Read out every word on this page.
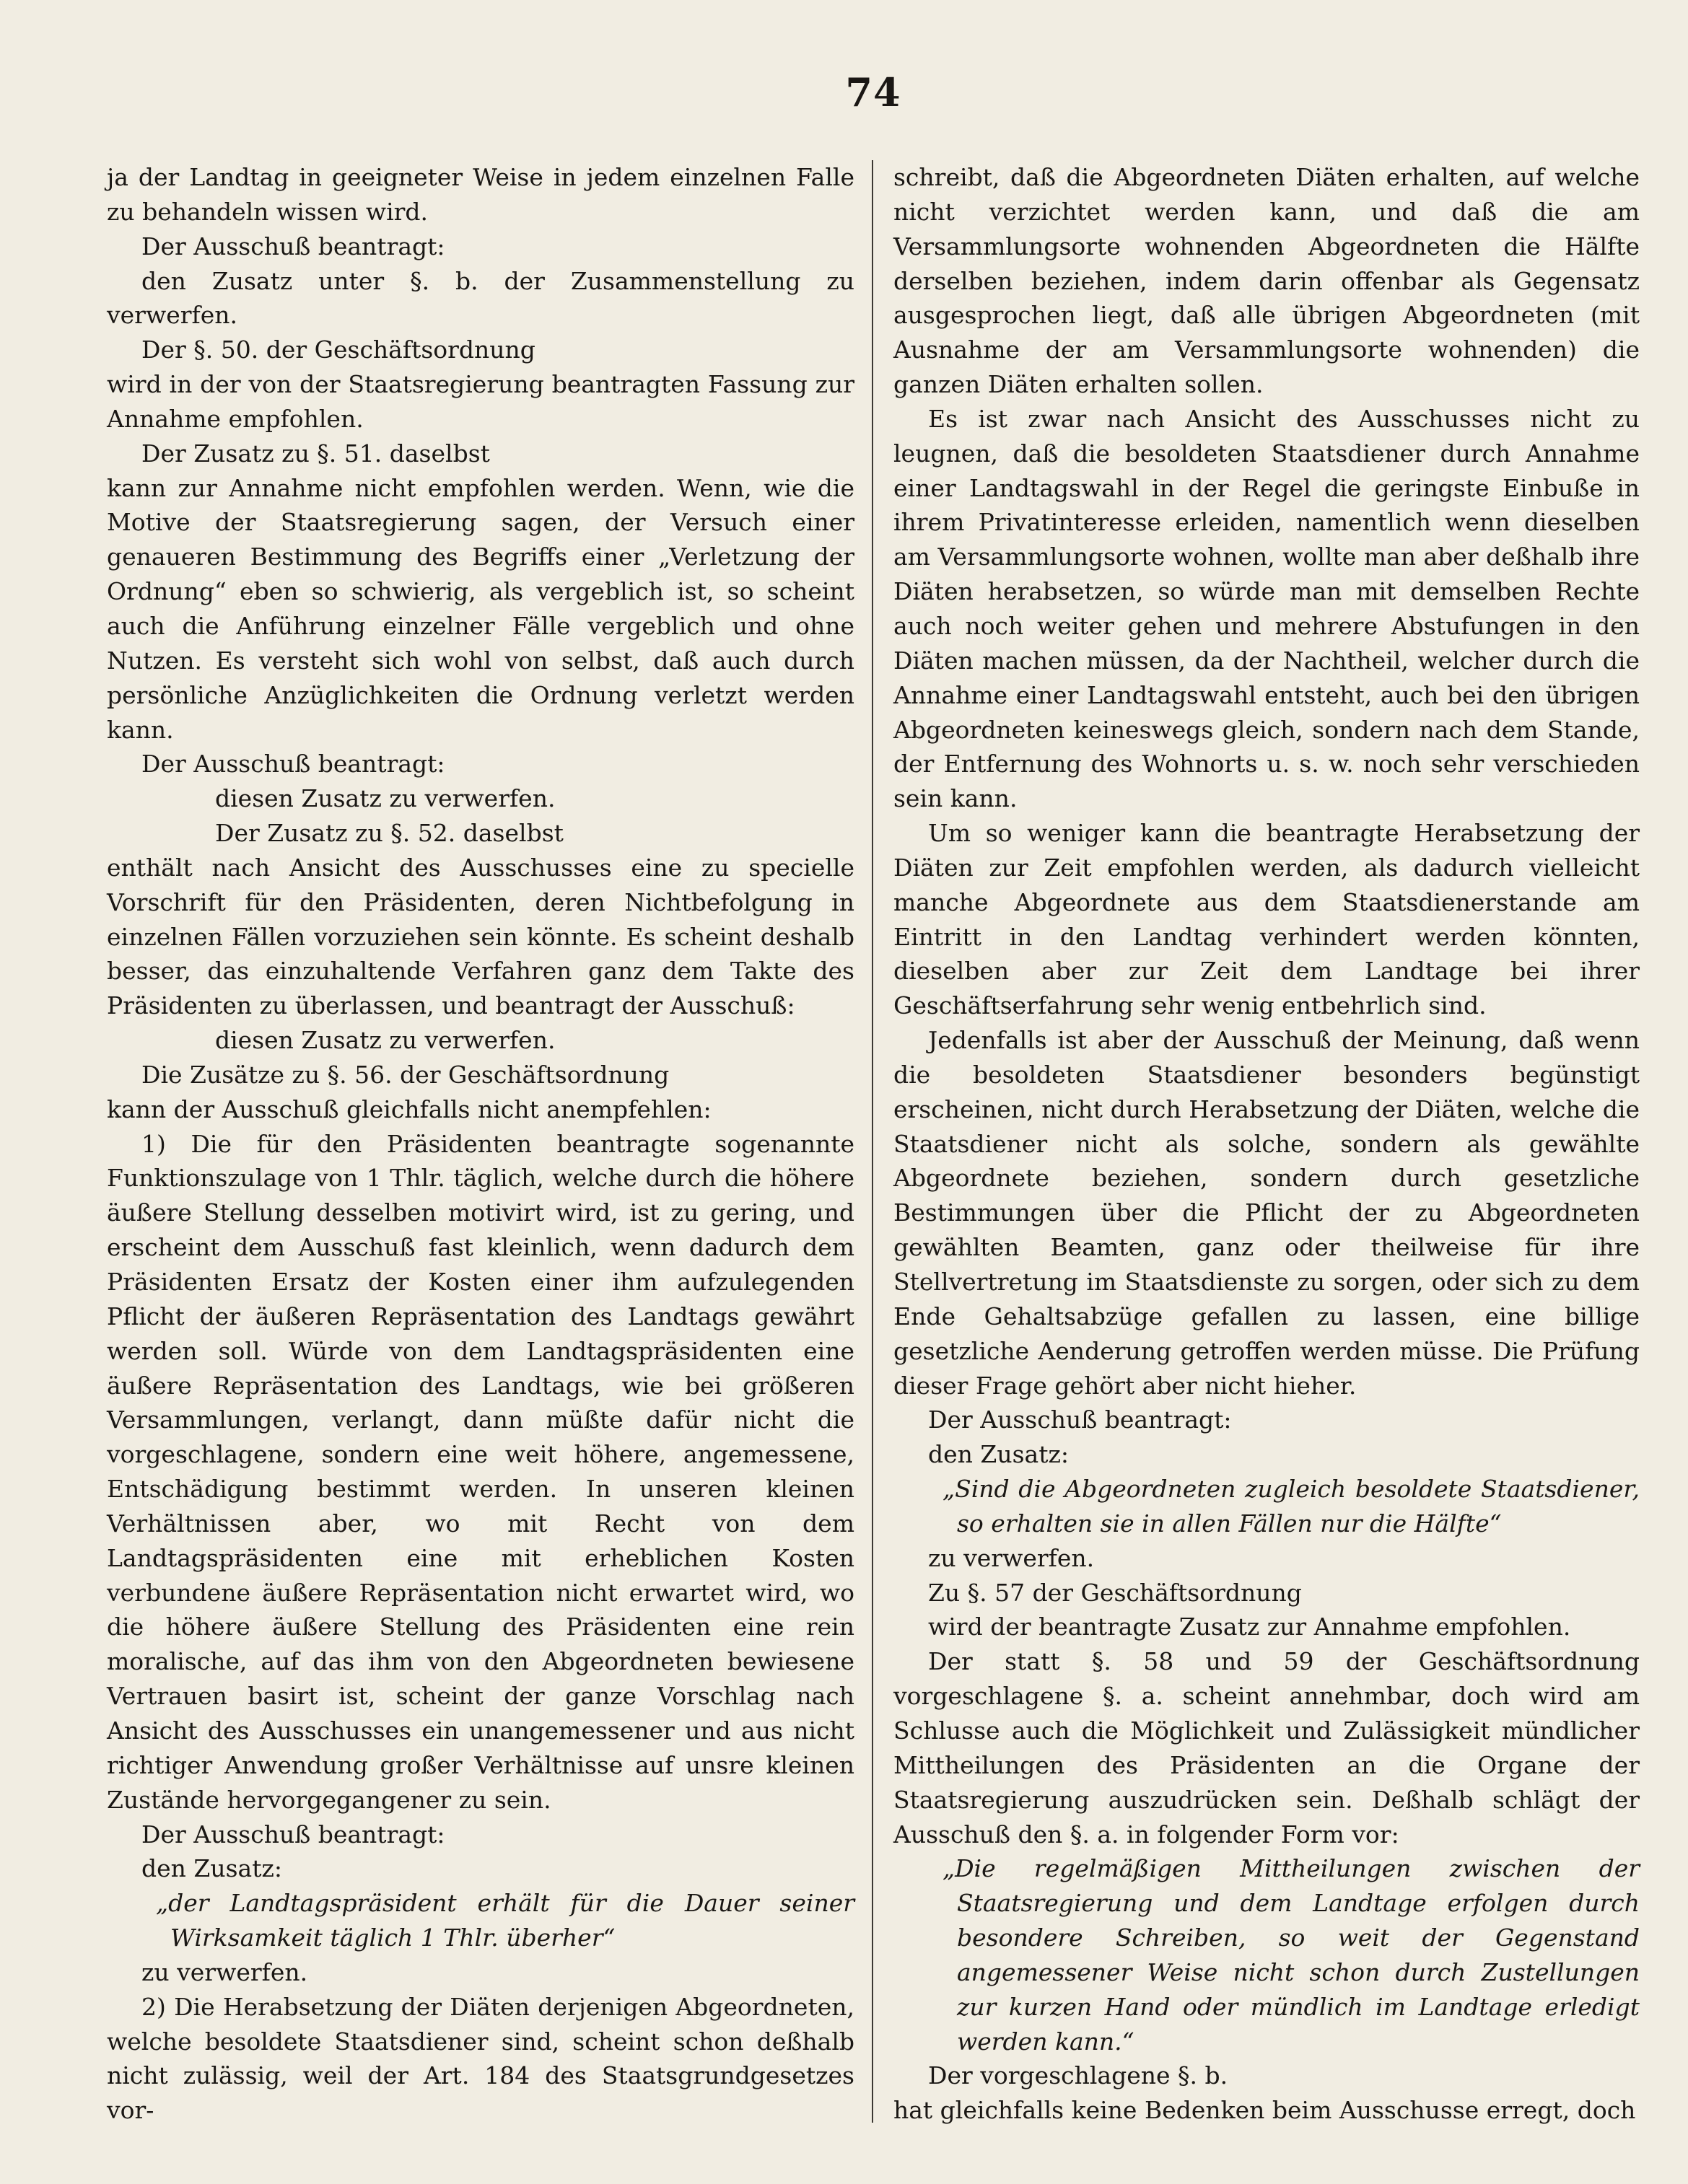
74

ja der Landtag in geeigneter Weise in jedem einzelnen Falle zu behandeln wissen wird.

Der Ausschuß beantragt:

den Zusatz unter §. b. der Zusammenstellung zu verwerfen.

Der §. 50. der Geschäftsordnung

wird in der von der Staatsregierung beantragten Fassung zur Annahme empfohlen.

Der Zusatz zu §. 51. daselbst

kann zur Annahme nicht empfohlen werden. Wenn, wie die Motive der Staatsregierung sagen, der Versuch einer genaueren Bestimmung des Begriffs einer „Verletzung der Ordnung“ eben so schwierig, als vergeblich ist, so scheint auch die Anführung einzelner Fälle vergeblich und ohne Nutzen. Es versteht sich wohl von selbst, daß auch durch persönliche Anzüglichkeiten die Ordnung verletzt werden kann.

Der Ausschuß beantragt:

diesen Zusatz zu verwerfen.

Der Zusatz zu §. 52. daselbst

enthält nach Ansicht des Ausschusses eine zu specielle Vorschrift für den Präsidenten, deren Nichtbefolgung in einzelnen Fällen vorzuziehen sein könnte. Es scheint deshalb besser, das einzuhaltende Verfahren ganz dem Takte des Präsidenten zu überlassen, und beantragt der Ausschuß:

diesen Zusatz zu verwerfen.

Die Zusätze zu §. 56. der Geschäftsordnung

kann der Ausschuß gleichfalls nicht anempfehlen:

1) Die für den Präsidenten beantragte sogenannte Funktionszulage von 1 Thlr. täglich, welche durch die höhere äußere Stellung desselben motivirt wird, ist zu gering, und erscheint dem Ausschuß fast kleinlich, wenn dadurch dem Präsidenten Ersatz der Kosten einer ihm aufzulegenden Pflicht der äußeren Repräsentation des Landtags gewährt werden soll. Würde von dem Landtagspräsidenten eine äußere Repräsentation des Landtags, wie bei größeren Versammlungen, verlangt, dann müßte dafür nicht die vorgeschlagene, sondern eine weit höhere, angemessene, Entschädigung bestimmt werden. In unseren kleinen Verhältnissen aber, wo mit Recht von dem Landtagspräsidenten eine mit erheblichen Kosten verbundene äußere Repräsentation nicht erwartet wird, wo die höhere äußere Stellung des Präsidenten eine rein moralische, auf das ihm von den Abgeordneten bewiesene Vertrauen basirt ist, scheint der ganze Vorschlag nach Ansicht des Ausschusses ein unangemessener und aus nicht richtiger Anwendung großer Verhältnisse auf unsre kleinen Zustände hervorgegangener zu sein.

Der Ausschuß beantragt:

den Zusatz:

„der Landtagspräsident erhält für die Dauer seiner Wirksamkeit täglich 1 Thlr. überher“

zu verwerfen.

2) Die Herabsetzung der Diäten derjenigen Abgeordneten, welche besoldete Staatsdiener sind, scheint schon deßhalb nicht zulässig, weil der Art. 184 des Staatsgrundgesetzes vor-

schreibt, daß die Abgeordneten Diäten erhalten, auf welche nicht verzichtet werden kann, und daß die am Versammlungsorte wohnenden Abgeordneten die Hälfte derselben beziehen, indem darin offenbar als Gegensatz ausgesprochen liegt, daß alle übrigen Abgeordneten (mit Ausnahme der am Versammlungsorte wohnenden) die ganzen Diäten erhalten sollen.

Es ist zwar nach Ansicht des Ausschusses nicht zu leugnen, daß die besoldeten Staatsdiener durch Annahme einer Landtagswahl in der Regel die geringste Einbuße in ihrem Privatinteresse erleiden, namentlich wenn dieselben am Versammlungsorte wohnen, wollte man aber deßhalb ihre Diäten herabsetzen, so würde man mit demselben Rechte auch noch weiter gehen und mehrere Abstufungen in den Diäten machen müssen, da der Nachtheil, welcher durch die Annahme einer Landtagswahl entsteht, auch bei den übrigen Abgeordneten keineswegs gleich, sondern nach dem Stande, der Entfernung des Wohnorts u. s. w. noch sehr verschieden sein kann.

Um so weniger kann die beantragte Herabsetzung der Diäten zur Zeit empfohlen werden, als dadurch vielleicht manche Abgeordnete aus dem Staatsdienerstande am Eintritt in den Landtag verhindert werden könnten, dieselben aber zur Zeit dem Landtage bei ihrer Geschäftserfahrung sehr wenig entbehrlich sind.

Jedenfalls ist aber der Ausschuß der Meinung, daß wenn die besoldeten Staatsdiener besonders begünstigt erscheinen, nicht durch Herabsetzung der Diäten, welche die Staatsdiener nicht als solche, sondern als gewählte Abgeordnete beziehen, sondern durch gesetzliche Bestimmungen über die Pflicht der zu Abgeordneten gewählten Beamten, ganz oder theilweise für ihre Stellvertretung im Staatsdienste zu sorgen, oder sich zu dem Ende Gehaltsabzüge gefallen zu lassen, eine billige gesetzliche Aenderung getroffen werden müsse. Die Prüfung dieser Frage gehört aber nicht hieher.

Der Ausschuß beantragt:

den Zusatz:

„Sind die Abgeordneten zugleich besoldete Staatsdiener, so erhalten sie in allen Fällen nur die Hälfte“

zu verwerfen.

Zu §. 57 der Geschäftsordnung

wird der beantragte Zusatz zur Annahme empfohlen.

Der statt §. 58 und 59 der Geschäftsordnung vorgeschlagene §. a. scheint annehmbar, doch wird am Schlusse auch die Möglichkeit und Zulässigkeit mündlicher Mittheilungen des Präsidenten an die Organe der Staatsregierung auszudrücken sein. Deßhalb schlägt der Ausschuß den §. a. in folgender Form vor:

„Die regelmäßigen Mittheilungen zwischen der Staatsregierung und dem Landtage erfolgen durch besondere Schreiben, so weit der Gegenstand angemessener Weise nicht schon durch Zustellungen zur kurzen Hand oder mündlich im Landtage erledigt werden kann.“

Der vorgeschlagene §. b.

hat gleichfalls keine Bedenken beim Ausschusse erregt, doch
